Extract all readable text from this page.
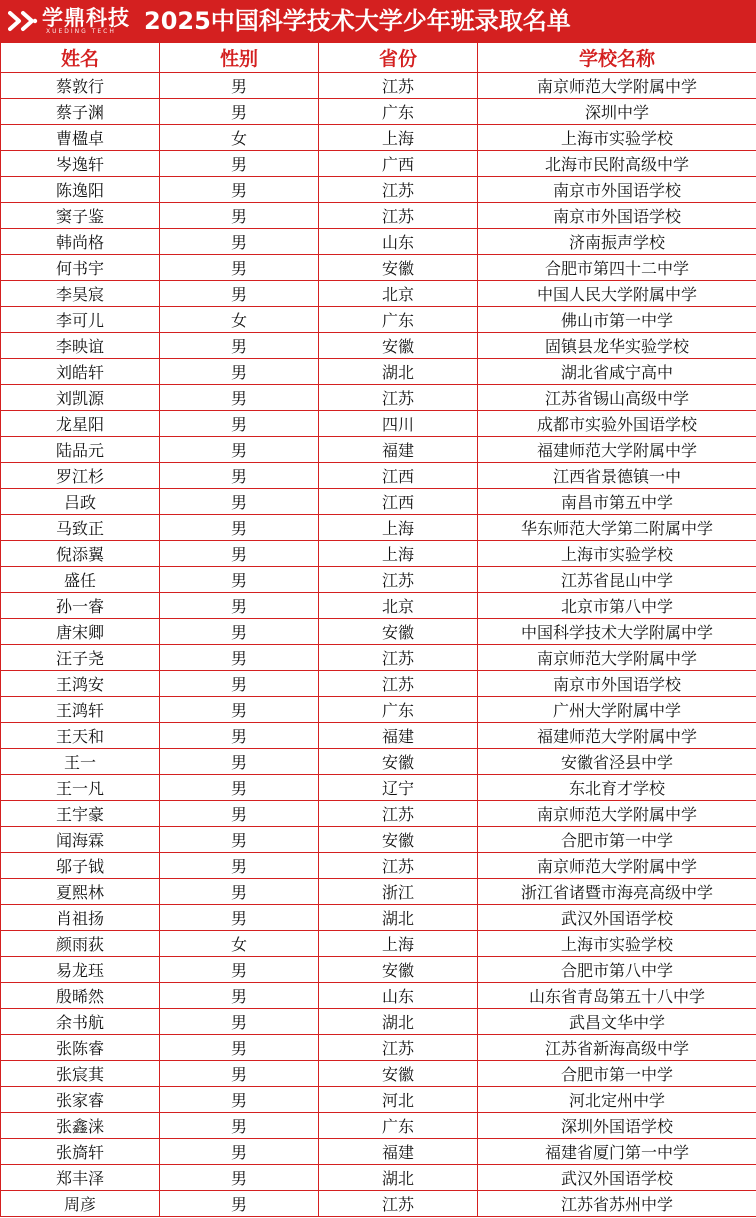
学鼎科技
XUEDING TECH 2025中国科学技术大学少年班录取名单
姓名	性别	省份	学校名称
蔡敦行	男	江苏	南京师范大学附属中学
蔡子渊	男	广东	深圳中学
曹楹卓	女	上海	上海市实验学校
岑逸轩	男	广西	北海市民附高级中学
陈逸阳	男	江苏	南京市外国语学校
窦子鉴	男	江苏	南京市外国语学校
韩尚格	男	山东	济南振声学校
何书宇	男	安徽	合肥市第四十二中学
李昊宸	男	北京	中国人民大学附属中学
李可儿	女	广东	佛山市第一中学
李映谊	男	安徽	固镇县龙华实验学校
刘皓轩	男	湖北	湖北省咸宁高中
刘凯源	男	江苏	江苏省锡山高级中学
龙星阳	男	四川	成都市实验外国语学校
陆品元	男	福建	福建师范大学附属中学
罗江杉	男	江西	江西省景德镇一中
吕政	男	江西	南昌市第五中学
马致正	男	上海	华东师范大学第二附属中学
倪添翼	男	上海	上海市实验学校
盛任	男	江苏	江苏省昆山中学
孙一睿	男	北京	北京市第八中学
唐宋卿	男	安徽	中国科学技术大学附属中学
汪子尧	男	江苏	南京师范大学附属中学
王鸿安	男	江苏	南京市外国语学校
王鸿轩	男	广东	广州大学附属中学
王天和	男	福建	福建师范大学附属中学
王一	男	安徽	安徽省泾县中学
王一凡	男	辽宁	东北育才学校
王宇豪	男	江苏	南京师范大学附属中学
闻海霖	男	安徽	合肥市第一中学
邬子钺	男	江苏	南京师范大学附属中学
夏熙林	男	浙江	浙江省诸暨市海亮高级中学
肖祖扬	男	湖北	武汉外国语学校
颜雨荻	女	上海	上海市实验学校
易龙珏	男	安徽	合肥市第八中学
殷晞然	男	山东	山东省青岛第五十八中学
余书航	男	湖北	武昌文华中学
张陈睿	男	江苏	江苏省新海高级中学
张宸萁	男	安徽	合肥市第一中学
张家睿	男	河北	河北定州中学
张鑫涞	男	广东	深圳外国语学校
张旖轩	男	福建	福建省厦门第一中学
郑丰泽	男	湖北	武汉外国语学校
周彦	男	江苏	江苏省苏州中学
